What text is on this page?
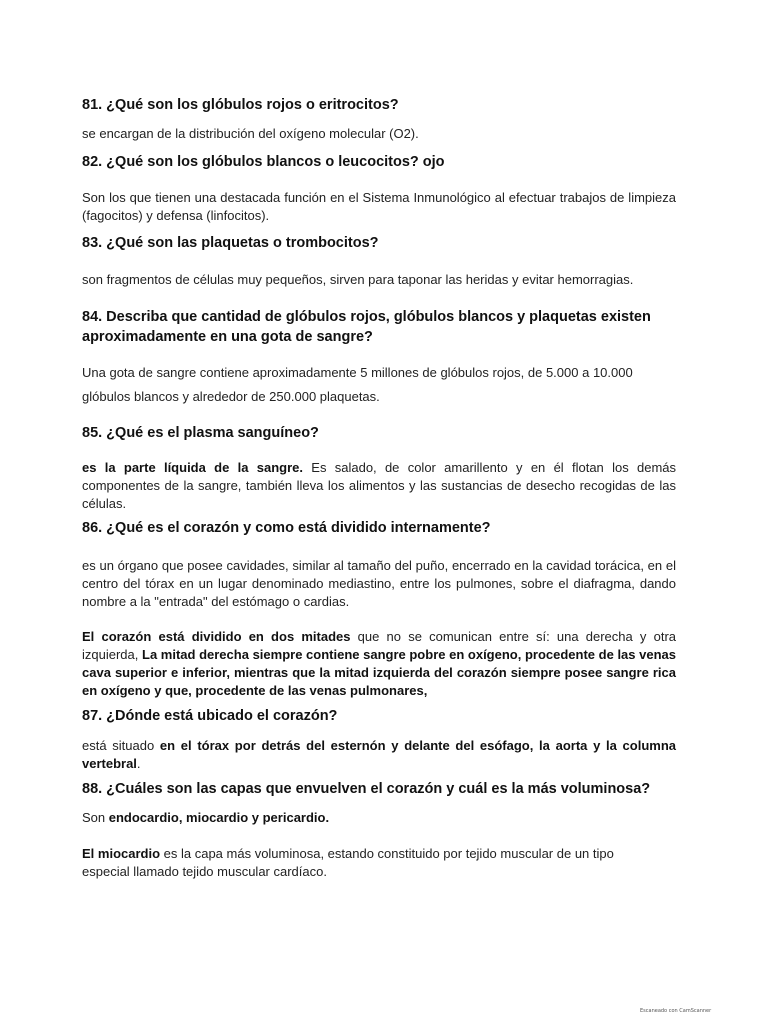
81. ¿Qué son los glóbulos rojos o eritrocitos?
se encargan de la distribución del oxígeno molecular (O2).
82. ¿Qué son los glóbulos blancos o leucocitos? ojo
Son los que tienen una destacada función en el Sistema Inmunológico al efectuar trabajos de limpieza (fagocitos) y defensa (linfocitos).
83. ¿Qué son las plaquetas o trombocitos?
son fragmentos de células muy pequeños, sirven para taponar las heridas y evitar hemorragias.
84. Describa que cantidad de glóbulos rojos, glóbulos blancos y plaquetas existen aproximadamente en una gota de sangre?
Una gota de sangre contiene aproximadamente 5 millones de glóbulos rojos, de 5.000 a 10.000
glóbulos blancos y alrededor de 250.000 plaquetas.
85. ¿Qué es el plasma sanguíneo?
es la parte líquida de la sangre. Es salado, de color amarillento y en él flotan los demás componentes de la sangre, también lleva los alimentos y las sustancias de desecho recogidas de las células.
86. ¿Qué es el corazón y como está dividido internamente?
es un órgano que posee cavidades, similar al tamaño del puño, encerrado en la cavidad torácica, en el centro del tórax en un lugar denominado mediastino, entre los pulmones, sobre el diafragma, dando nombre a la "entrada" del estómago o cardias.
El corazón está dividido en dos mitades que no se comunican entre sí: una derecha y otra izquierda, La mitad derecha siempre contiene sangre pobre en oxígeno, procedente de las venas cava superior e inferior, mientras que la mitad izquierda del corazón siempre posee sangre rica en oxígeno y que, procedente de las venas pulmonares,
87. ¿Dónde está ubicado el corazón?
está situado en el tórax por detrás del esternón y delante del esófago, la aorta y la columna vertebral.
88. ¿Cuáles son las capas que envuelven el corazón y cuál es la más voluminosa?
Son endocardio, miocardio y pericardio.
El miocardio es la capa más voluminosa, estando constituido por tejido muscular de un tipo especial llamado tejido muscular cardíaco.
Escaneado con CamScanner
